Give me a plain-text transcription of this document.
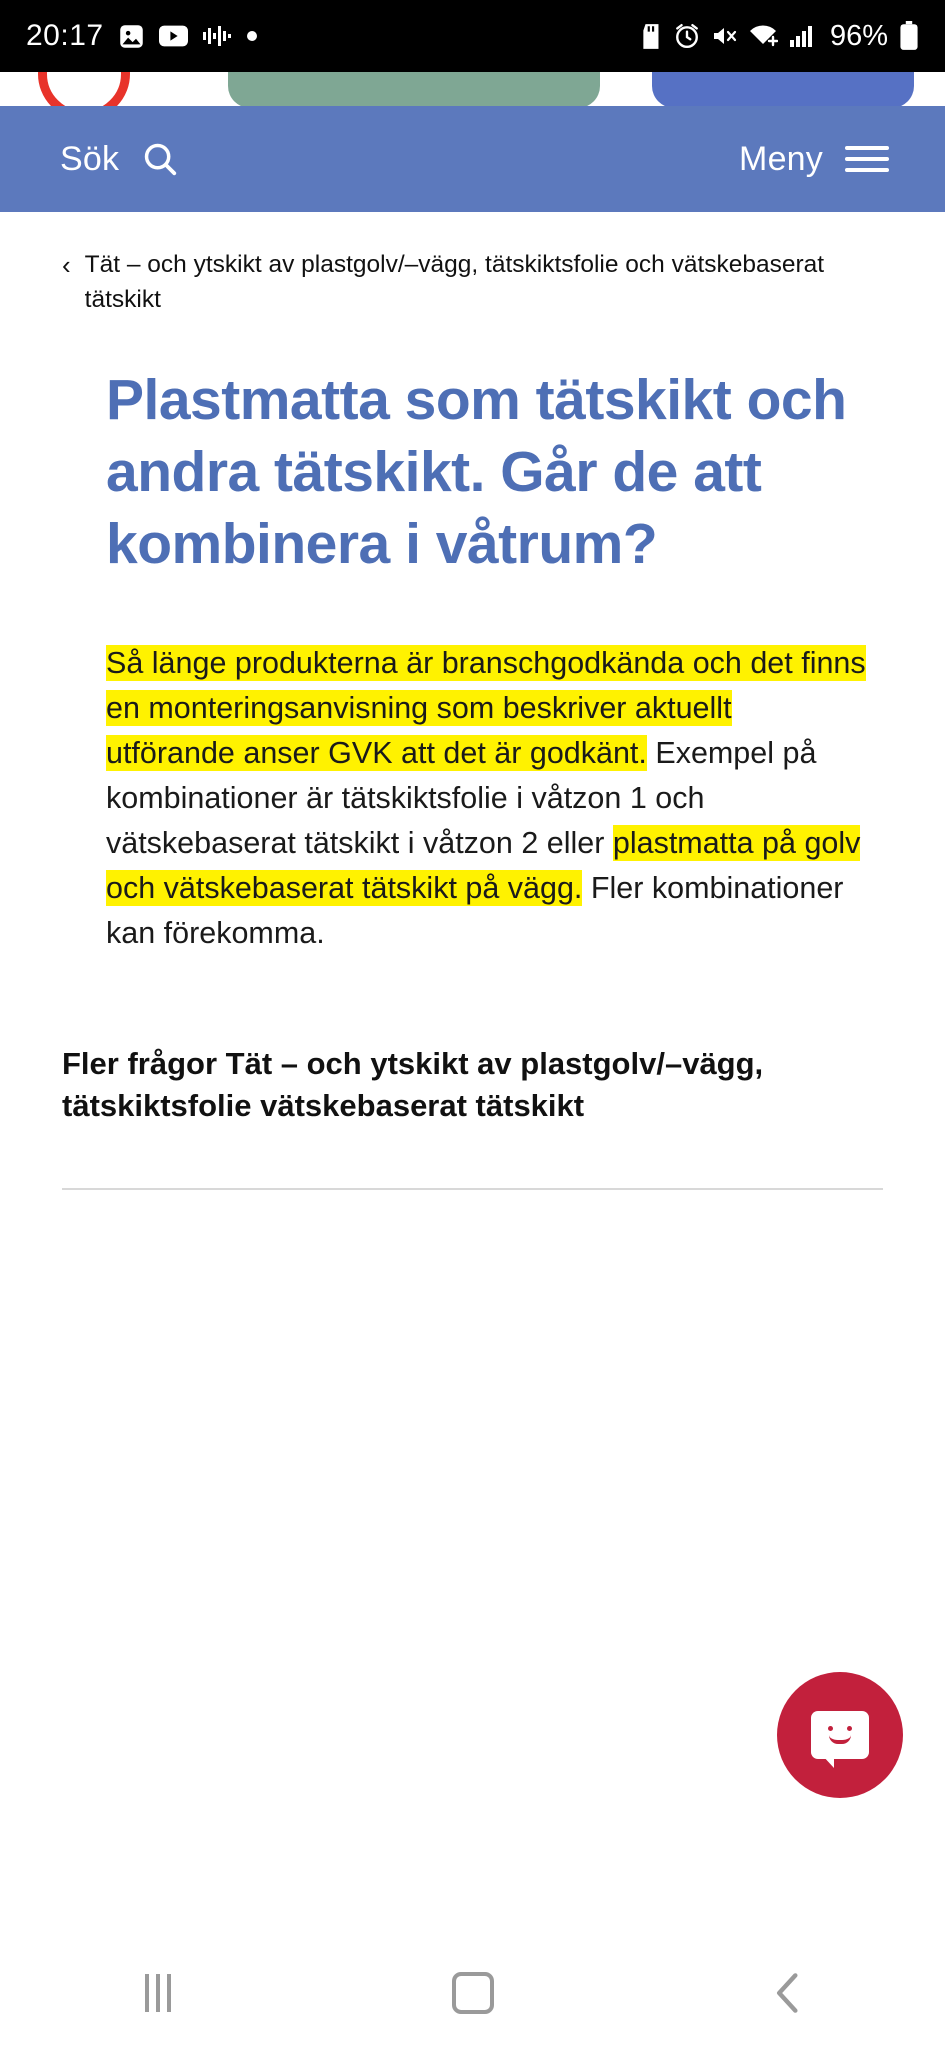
20:17	96%
Sök	Meny
‹ Tät – och ytskikt av plastgolv/–vägg, tätskiktsfolie och vätskebaserat tätskikt
Plastmatta som tätskikt och andra tätskikt. Går de att kombinera i våtrum?

Så länge produkterna är branschgodkända och det finns en monteringsanvisning som beskriver aktuellt utförande anser GVK att det är godkänt. Exempel på kombinationer är tätskiktsfolie i våtzon 1 och vätskebaserat tätskikt i våtzon 2 eller plastmatta på golv och vätskebaserat tätskikt på vägg. Fler kombinationer kan förekomma.

Fler frågor Tät – och ytskikt av plastgolv/–vägg, tätskiktsfolie vätskebaserat tätskikt
